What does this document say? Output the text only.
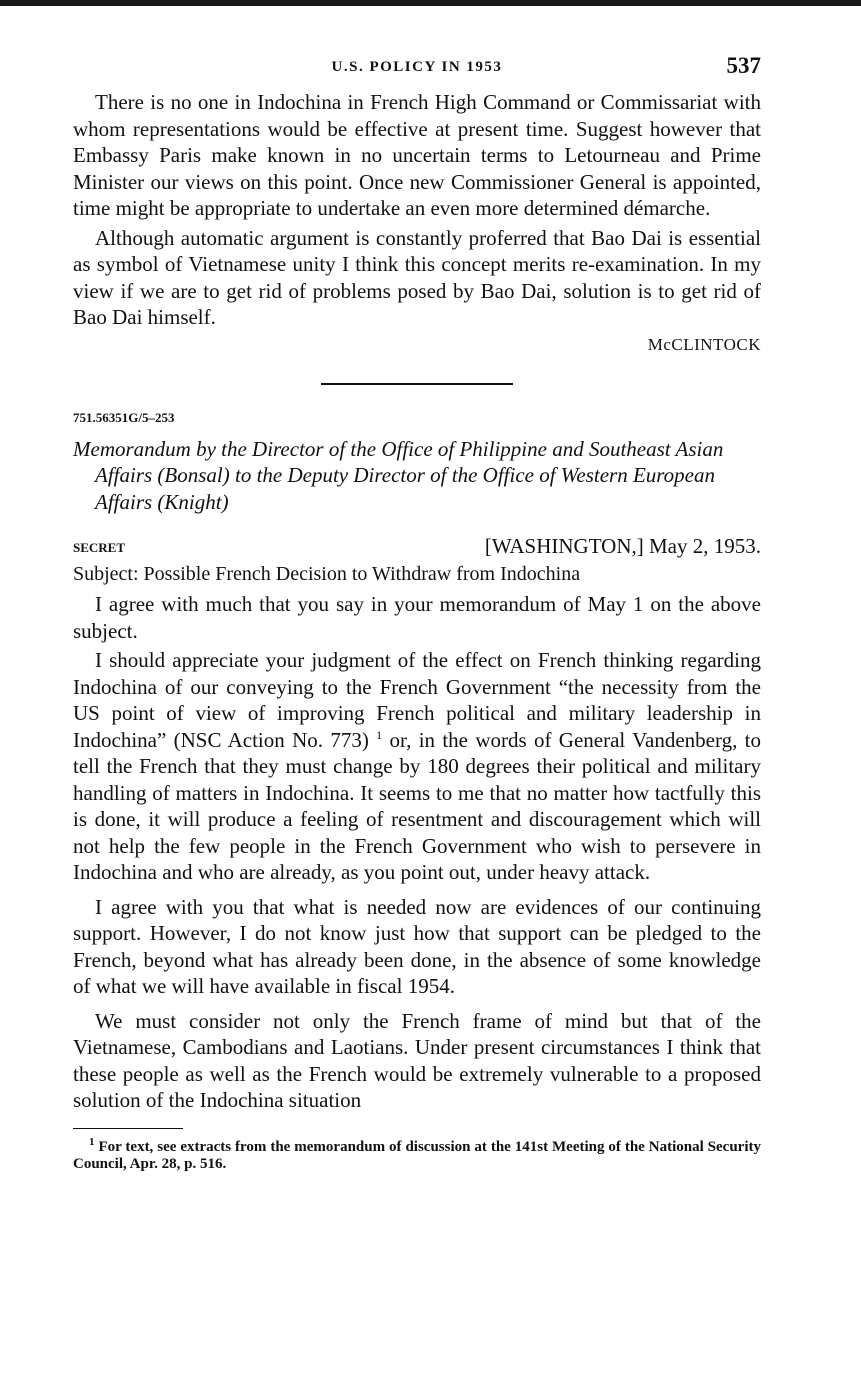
U.S. POLICY IN 1953	537

There is no one in Indochina in French High Command or Commissariat with whom representations would be effective at present time. Suggest however that Embassy Paris make known in no uncertain terms to Letourneau and Prime Minister our views on this point. Once new Commissioner General is appointed, time might be appropriate to undertake an even more determined démarche.

Although automatic argument is constantly proferred that Bao Dai is essential as symbol of Vietnamese unity I think this concept merits re-examination. In my view if we are to get rid of problems posed by Bao Dai, solution is to get rid of Bao Dai himself.

McCLINTOCK
751.56351G/5–253
Memorandum by the Director of the Office of Philippine and Southeast Asian Affairs (Bonsal) to the Deputy Director of the Office of Western European Affairs (Knight)
SECRET	[WASHINGTON,] May 2, 1953.
Subject: Possible French Decision to Withdraw from Indochina

I agree with much that you say in your memorandum of May 1 on the above subject.

I should appreciate your judgment of the effect on French thinking regarding Indochina of our conveying to the French Government “the necessity from the US point of view of improving French political and military leadership in Indochina” (NSC Action No. 773) $^1$ or, in the words of General Vandenberg, to tell the French that they must change by 180 degrees their political and military handling of matters in Indochina. It seems to me that no matter how tactfully this is done, it will produce a feeling of resentment and discouragement which will not help the few people in the French Government who wish to persevere in Indochina and who are already, as you point out, under heavy attack.

I agree with you that what is needed now are evidences of our continuing support. However, I do not know just how that support can be pledged to the French, beyond what has already been done, in the absence of some knowledge of what we will have available in fiscal 1954.

We must consider not only the French frame of mind but that of the Vietnamese, Cambodians and Laotians. Under present circumstances I think that these people as well as the French would be extremely vulnerable to a proposed solution of the Indochina situation

$^1$ For text, see extracts from the memorandum of discussion at the 141st Meeting of the National Security Council, Apr. 28, p. 516.
